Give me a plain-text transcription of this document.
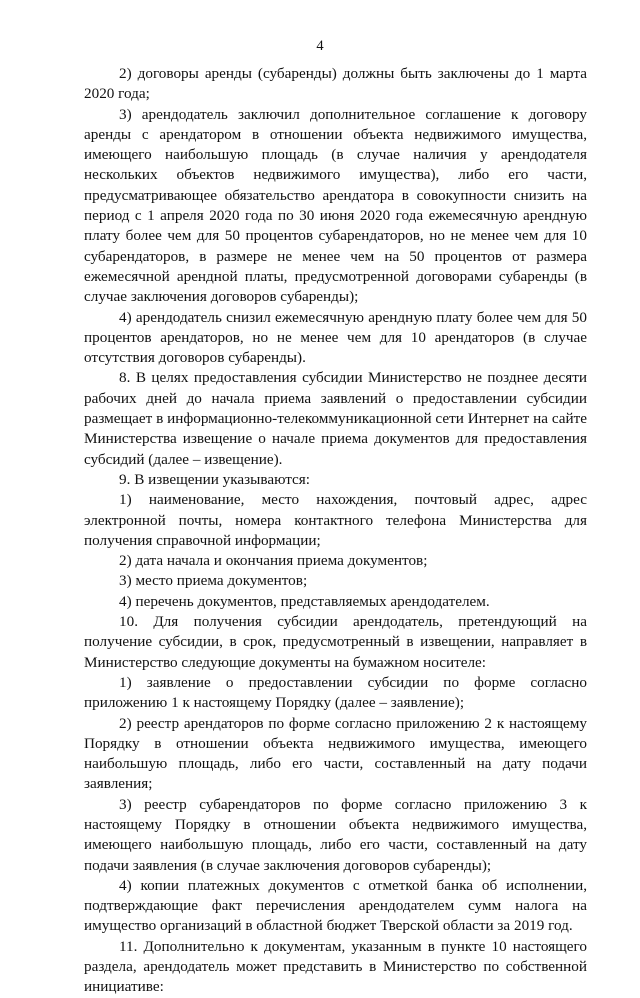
4

2) договоры аренды (субаренды) должны быть заключены до 1 марта 2020 года;

3) арендодатель заключил дополнительное соглашение к договору аренды с арендатором в отношении объекта недвижимого имущества, имеющего наибольшую площадь (в случае наличия у арендодателя нескольких объектов недвижимого имущества), либо его части, предусматривающее обязательство арендатора в совокупности снизить на период с 1 апреля 2020 года по 30 июня 2020 года ежемесячную арендную плату более чем для 50 процентов субарендаторов, но не менее чем для 10 субарендаторов, в размере не менее чем на 50 процентов от размера ежемесячной арендной платы, предусмотренной договорами субаренды (в случае заключения договоров субаренды);

4) арендодатель снизил ежемесячную арендную плату более чем для 50 процентов арендаторов, но не менее чем для 10 арендаторов (в случае отсутствия договоров субаренды).

8. В целях предоставления субсидии Министерство не позднее десяти рабочих дней до начала приема заявлений о предоставлении субсидии размещает в информационно-телекоммуникационной сети Интернет на сайте Министерства извещение о начале приема документов для предоставления субсидий (далее – извещение).

9. В извещении указываются:

1) наименование, место нахождения, почтовый адрес, адрес электронной почты, номера контактного телефона Министерства для получения справочной информации;

2) дата начала и окончания приема документов;

3) место приема документов;

4) перечень документов, представляемых арендодателем.

10. Для получения субсидии арендодатель, претендующий на получение субсидии, в срок, предусмотренный в извещении, направляет в Министерство следующие документы на бумажном носителе:

1) заявление о предоставлении субсидии по форме согласно приложению 1 к настоящему Порядку (далее – заявление);

2) реестр арендаторов по форме согласно приложению 2 к настоящему Порядку в отношении объекта недвижимого имущества, имеющего наибольшую площадь, либо его части, составленный на дату подачи заявления;

3) реестр субарендаторов по форме согласно приложению 3 к настоящему Порядку в отношении объекта недвижимого имущества, имеющего наибольшую площадь, либо его части, составленный на дату подачи заявления (в случае заключения договоров субаренды);

4) копии платежных документов с отметкой банка об исполнении, подтверждающие факт перечисления арендодателем сумм налога на имущество организаций в областной бюджет Тверской области за 2019 год.

11. Дополнительно к документам, указанным в пункте 10 настоящего раздела, арендодатель может представить в Министерство по собственной инициативе:
